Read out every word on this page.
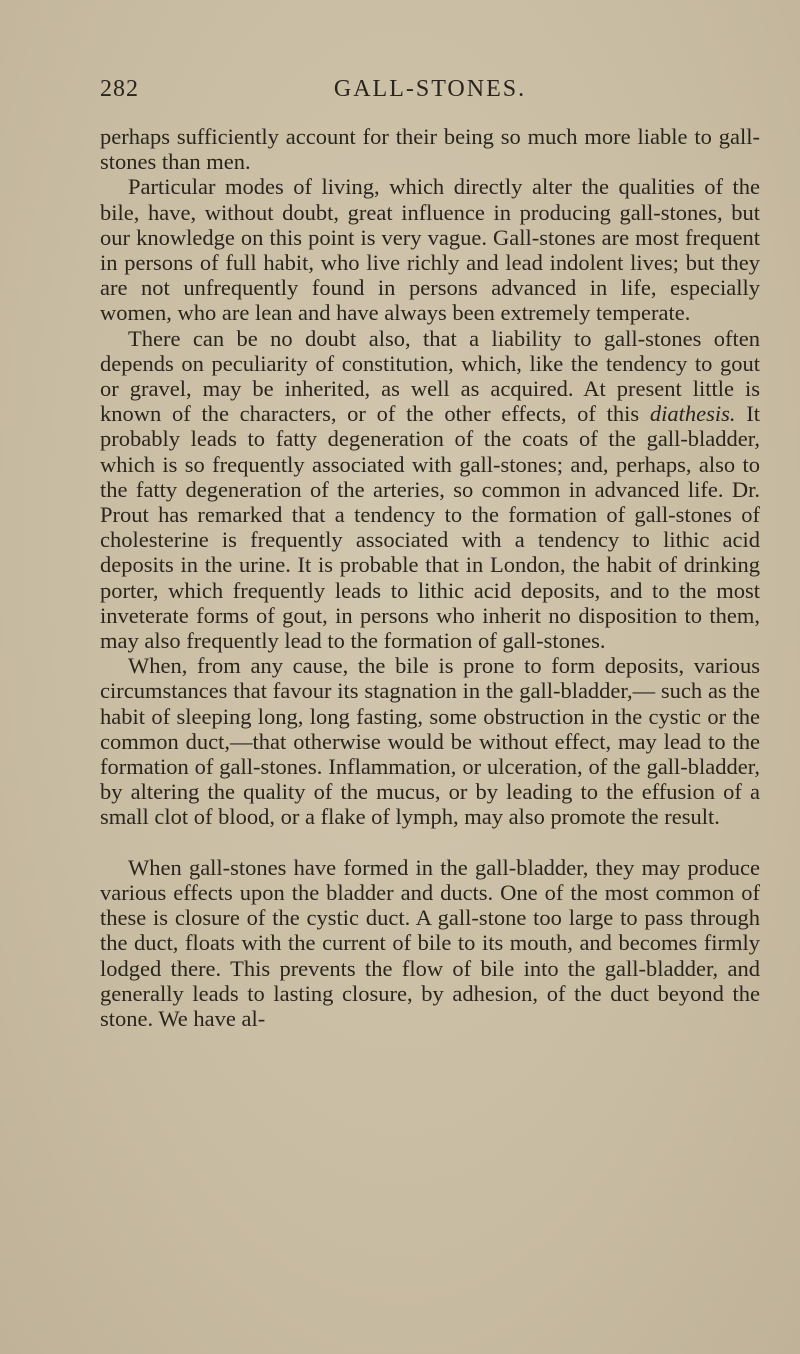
282	GALL-STONES.

perhaps sufficiently account for their being so much more liable to gall-stones than men.

Particular modes of living, which directly alter the qualities of the bile, have, without doubt, great influence in producing gall-stones, but our knowledge on this point is very vague. Gall-stones are most frequent in persons of full habit, who live richly and lead indolent lives; but they are not unfrequently found in persons advanced in life, especially women, who are lean and have always been extremely temperate.

There can be no doubt also, that a liability to gall-stones often depends on peculiarity of constitution, which, like the tendency to gout or gravel, may be inherited, as well as acquired. At present little is known of the characters, or of the other effects, of this diathesis. It probably leads to fatty degeneration of the coats of the gall-bladder, which is so frequently associated with gall-stones; and, perhaps, also to the fatty degeneration of the arteries, so common in advanced life. Dr. Prout has remarked that a tendency to the formation of gall-stones of cholesterine is frequently associated with a tendency to lithic acid deposits in the urine. It is probable that in London, the habit of drinking porter, which frequently leads to lithic acid deposits, and to the most inveterate forms of gout, in persons who inherit no disposition to them, may also frequently lead to the formation of gall-stones.

When, from any cause, the bile is prone to form deposits, various circumstances that favour its stagnation in the gall-bladder,— such as the habit of sleeping long, long fasting, some obstruction in the cystic or the common duct,—that otherwise would be without effect, may lead to the formation of gall-stones. Inflammation, or ulceration, of the gall-bladder, by altering the quality of the mucus, or by leading to the effusion of a small clot of blood, or a flake of lymph, may also promote the result.

When gall-stones have formed in the gall-bladder, they may produce various effects upon the bladder and ducts. One of the most common of these is closure of the cystic duct. A gall-stone too large to pass through the duct, floats with the current of bile to its mouth, and becomes firmly lodged there. This prevents the flow of bile into the gall-bladder, and generally leads to lasting closure, by adhesion, of the duct beyond the stone. We have al-
